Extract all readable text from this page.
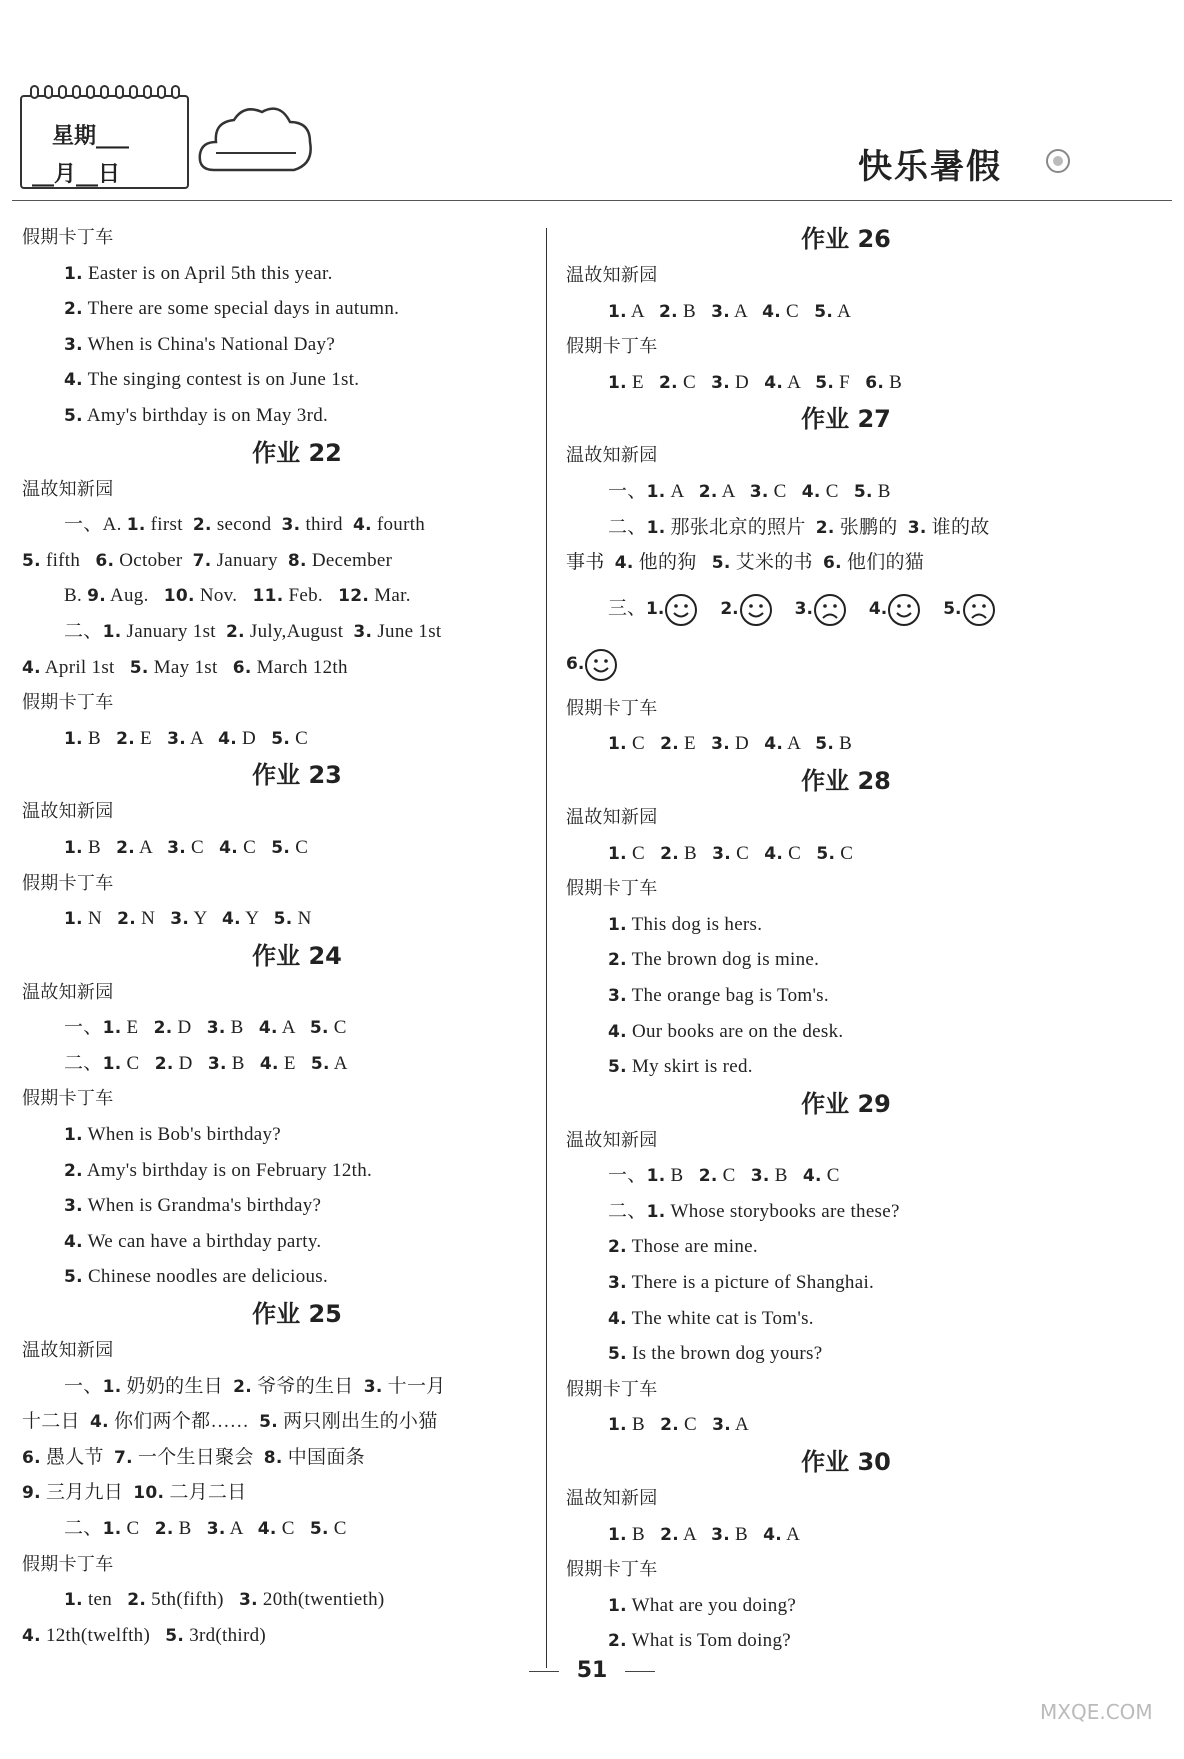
星期___
__月__日	快乐暑假
假期卡丁车
1. Easter is on April 5th this year.
2. There are some special days in autumn.
3. When is China's National Day?
4. The singing contest is on June 1st.
5. Amy's birthday is on May 3rd.
作业 22
温故知新园
一、A. 1. first  2. second  3. third  4. fourth
5. fifth   6. October  7. January  8. December
B. 9. Aug.   10. Nov.   11. Feb.   12. Mar.
二、1. January 1st  2. July,August  3. June 1st
4. April 1st   5. May 1st   6. March 12th
假期卡丁车
1. B   2. E   3. A   4. D   5. C
作业 23
温故知新园
1. B   2. A   3. C   4. C   5. C
假期卡丁车
1. N   2. N   3. Y   4. Y   5. N
作业 24
温故知新园
一、1. E   2. D   3. B   4. A   5. C
二、1. C   2. D   3. B   4. E   5. A
假期卡丁车
1. When is Bob's birthday?
2. Amy's birthday is on February 12th.
3. When is Grandma's birthday?
4. We can have a birthday party.
5. Chinese noodles are delicious.
作业 25
温故知新园
一、1. 奶奶的生日  2. 爷爷的生日  3. 十一月
十二日  4. 你们两个都……  5. 两只刚出生的小猫
6. 愚人节  7. 一个生日聚会  8. 中国面条
9. 三月九日  10. 二月二日
二、1. C   2. B   3. A   4. C   5. C
假期卡丁车
1. ten   2. 5th(fifth)   3. 20th(twentieth)
4. 12th(twelfth)   5. 3rd(third)
作业 26
温故知新园
1. A   2. B   3. A   4. C   5. A
假期卡丁车
1. E   2. C   3. D   4. A   5. F   6. B
作业 27
温故知新园
一、1. A   2. A   3. C   4. C   5. B
二、1. 那张北京的照片  2. 张鹏的  3. 谁的故
事书  4. 他的狗   5. 艾米的书  6. 他们的猫
三、1.	2.	3.	4.	5.
6.
假期卡丁车
1. C   2. E   3. D   4. A   5. B
作业 28
温故知新园
1. C   2. B   3. C   4. C   5. C
假期卡丁车
1. This dog is hers.
2. The brown dog is mine.
3. The orange bag is Tom's.
4. Our books are on the desk.
5. My skirt is red.
作业 29
温故知新园
一、1. B   2. C   3. B   4. C
二、1. Whose storybooks are these?
2. Those are mine.
3. There is a picture of Shanghai.
4. The white cat is Tom's.
5. Is the brown dog yours?
假期卡丁车
1. B   2. C   3. A
作业 30
温故知新园
1. B   2. A   3. B   4. A
假期卡丁车
1. What are you doing?
2. What is Tom doing?
51
MXQE.COM
